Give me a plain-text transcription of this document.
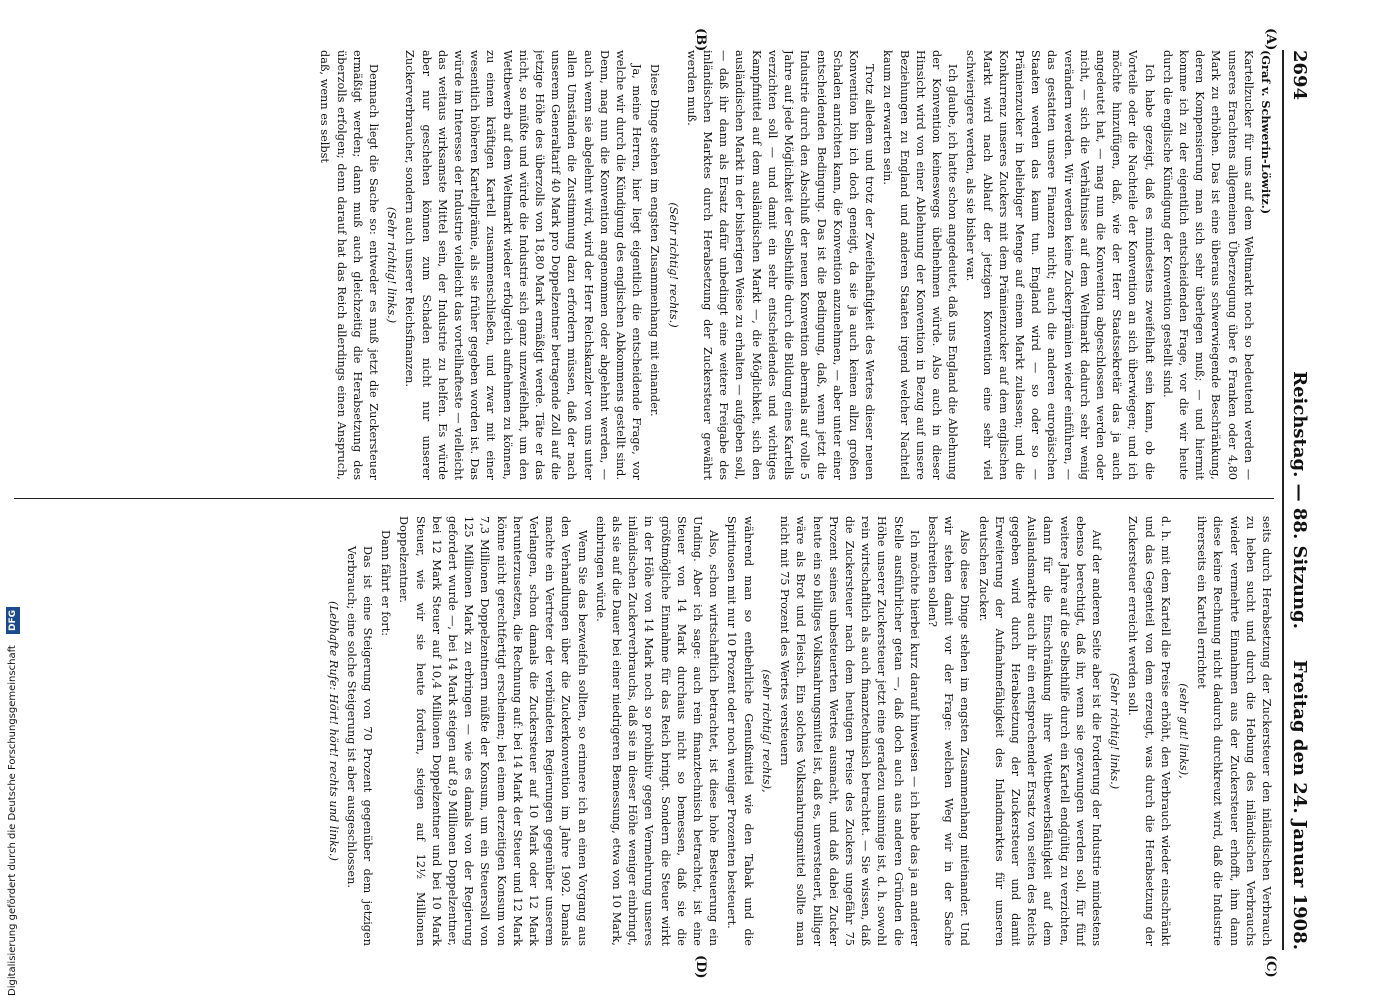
2694
Reichstag. — 88. Sitzung.
Freitag den 24. Januar 1908.
(A)
(B)
(C)
(D)

(Graf v. Schwerin-Löwitz.)

Kartellzucker für uns auf dem Weltmarkt noch so bedeutend werden — unseres Erachtens allgemeinen Überzeugung über 6 Franken oder 4,80 Mark zu erhöhen. Das ist eine überaus schwerwiegende Beschränkung, deren Kompensierung man sich sehr überlegen muß; — und hiermit komme ich zu der eigentlich entscheidenden Frage, vor die wir heute durch die englische Kündigung der Konvention gestellt sind.

Ich habe gezeigt, daß es mindestens zweifelhaft sein kann, ob die Vorteile oder die Nachteile der Konvention an sich überwiegen; und ich möchte hinzufügen, daß, wie der Herr Staatssekretär das ja auch angedeutet hat, — mag nun die Konvention abgeschlossen werden oder nicht, — sich die Verhältnisse auf dem Weltmarkt dadurch sehr wenig verändern werden. Wir werden keine Zuckerprämien wieder einführen, — das gestatten unsere Finanzen nicht; auch die anderen europäischen Staaten werden das kaum tun. England wird — so oder so — Prämienzucker in beliebiger Menge auf einem Markt zulassen; und die Konkurrenz unseres Zuckers mit dem Prämienzucker auf dem englischen Markt wird nach Ablauf der jetzigen Konvention eine sehr viel schwierigere werden, als sie bisher war.

Ich glaube, ich hatte schon angedeutet, daß uns England die Ablehnung der Konvention keineswegs übelnehmen würde. Also auch in dieser Hinsicht wird von einer Ablehnung der Konvention in Bezug auf unsere Beziehungen zu England und anderen Staaten irgend welcher Nachteil kaum zu erwarten sein.

Trotz alledem und trotz der Zweifelhaftigkeit des Wertes dieser neuen Konvention bin ich doch geneigt, da sie ja auch keinen allzu großen Schaden anrichten kann, die Konvention anzunehmen, — aber unter einer entscheidenden Bedingung. Das ist die Bedingung, daß, wenn jetzt die Industrie durch den Abschluß der neuen Konvention abermals auf volle 5 Jahre auf jede Möglichkeit der Selbsthilfe durch die Bildung eines Kartells verzichten soll — und damit ein sehr entscheidendes und wichtiges Kampfmittel auf dem ausländischen Markt —, die Möglichkeit, sich den ausländischen Markt in der bisherigen Weise zu erhalten — aufgeben soll, — daß ihr dann als Ersatz dafür unbedingt eine weitere Freigabe des inländischen Marktes durch Herabsetzung der Zuckersteuer gewährt werden muß.

(Sehr richtig! rechts.)

Diese Dinge stehen im engsten Zusammenhang mit einander.

Ja, meine Herren, hier liegt eigentlich die entscheidende Frage, vor welche wir durch die Kündigung des englischen Abkommens gestellt sind. Denn, mag nun die Konvention angenommen oder abgelehnt werden, — auch wenn sie abgelehnt wird, wird der Herr Reichskanzler von uns unter allen Umständen die Zustimmung dazu erfordern müssen, daß der nach unserem Generaltarif 40 Mark pro Doppelzentner betragende Zoll auf die jetzige Höhe des überzolls von 18,80 Mark ermäßigt werde. Täte er das nicht, so müßte und würde die Industrie sich ganz unzweifelhaft, um den Wettbewerb auf dem Weltmarkt wieder erfolgreich aufnehmen zu können, zu einem kräftigen Kartell zusammenschließen, und zwar mit einer wesentlich höheren Kartellprämie, als sie früher gegeben worden ist. Das würde im Interesse der Industrie vielleicht das vorteilhafteste — vielleicht das weitaus wirksamste Mittel sein, der Industrie zu helfen. Es würde aber nur geschehen können zum Schaden nicht nur unserer Zuckerverbraucher, sondern auch unserer Reichsfinanzen.

(Sehr richtig! links.)

Demnach liegt die Sache so: entweder es muß jetzt die Zuckersteuer ermäßigt werden; dann muß auch gleichzeitig die Herabsetzung des überzolls erfolgen; denn darauf hat das Reich allerdings einen Anspruch, daß, wenn es selbst

seits durch Herabsetzung der Zuckersteuer den inländischen Verbrauch zu heben sucht und durch die Hebung des inländischen Verbrauchs wieder vermehrte Einnahmen aus der Zuckersteuer erhofft, ihm dann diese keine Rechnung nicht dadurch durchkreuzt wird, daß die Industrie ihrerseits ein Kartell errichtet

(sehr gut! links),

d. h. mit dem Kartell die Preise erhöht, den Verbrauch wieder einschränkt und das Gegenteil von dem erzeugt, was durch die Herabsetzung der Zuckersteuer erreicht werden soll.

(Sehr richtig! links.)

Auf der anderen Seite aber ist die Forderung der Industrie mindestens ebenso berechtigt, daß ihr, wenn sie gezwungen werden soll, für fünf weitere Jahre auf die Selbsthilfe durch ein Kartell endgültig zu verzichten, dann für die Einschränkung ihrer Wettbewerbsfähigkeit auf dem Auslandsmarkte auch ihr ein entsprechender Ersatz von seiten des Reichs gegeben wird durch Herabsetzung der Zuckersteuer und damit Erweiterung der Aufnahmefähigkeit des Inlandmarktes für unseren deutschen Zucker.

Also diese Dinge stehen im engsten Zusammenhang miteinander. Und wir stehen damit vor der Frage: welchen Weg wir in der Sache beschreiten sollen?

Ich möchte hierbei kurz darauf hinweisen — ich habe das ja an anderer Stelle ausführlicher getan —, daß doch auch aus anderen Gründen die Höhe unserer Zuckersteuer jetzt eine geradezu unsinnige ist, d. h. sowohl rein wirtschaftlich als auch finanztechnisch betrachtet. — Sie wissen, daß die Zuckersteuer nach dem heutigen Preise des Zuckers ungefähr 75 Prozent seines unbesteuerten Wertes ausmacht, und daß dabei Zucker heute ein so billiges Volksnahrungsmittel ist, daß es, unversteuert, billiger wäre als Brot und Fleisch. Ein solches Volksnahrungsmittel sollte man nicht mit 75 Prozent des Wertes versteuern

(sehr richtig! rechts),

während man so entbehrliche Genußmittel wie den Tabak und die Spirituosen mit nur 10 Prozent oder noch weniger Prozenten besteuert.

Also, schon wirtschaftlich betrachtet, ist diese hohe Besteuerung ein Unding. Aber ich sage: auch rein finanztechnisch betrachtet, ist eine Steuer von 14 Mark durchaus nicht so bemessen, daß sie die größtmögliche Einnahme für das Reich bringt. Sondern die Steuer wirkt in der Höhe von 14 Mark noch so prohibitiv gegen Vermehrung unseres inländischen Zuckerverbrauchs, daß sie in dieser Höhe weniger einbringt, als sie auf die Dauer bei einer niedrigeren Bemessung, etwa von 10 Mark, einbringen würde.

Wenn Sie das bezweifeln sollten, so erinnere ich an einen Vorgang aus den Verhandlungen über die Zuckerkonvention im Jahre 1902. Damals machte ein Vertreter der verbündeten Regierungen gegenüber unserem Verlangen, schon damals die Zuckersteuer auf 10 Mark oder 12 Mark herunterzusetzen, die Rechnung auf: bei 14 Mark der Steuer und 12 Mark könne nicht gerechtfertigt erscheinen; bei einem derzeitigen Konsum von 7,3 Millionen Doppelzentnern müßte der Konsum, um ein Steuersoll von 125 Millionen Mark zu erbringen — wie es damals von der Regierung gefordert wurde —, bei 14 Mark steigen auf 8,9 Millionen Doppelzentner, bei 12 Mark Steuer auf 10,4 Millionen Doppelzentner und bei 10 Mark Steuer, wie wir sie heute fordern, steigen auf 12½ Millionen Doppelzentner.

Dann fährt er fort:

Das ist eine Steigerung von 70 Prozent gegenüber dem jetzigen Verbrauch; eine solche Steigerung ist aber ausgeschlossen.

(Lebhafte Rufe: Hört! hört! rechts und links.)

Digitalisierung gefördert durch die Deutsche Forschungsgemeinschaft DFG
